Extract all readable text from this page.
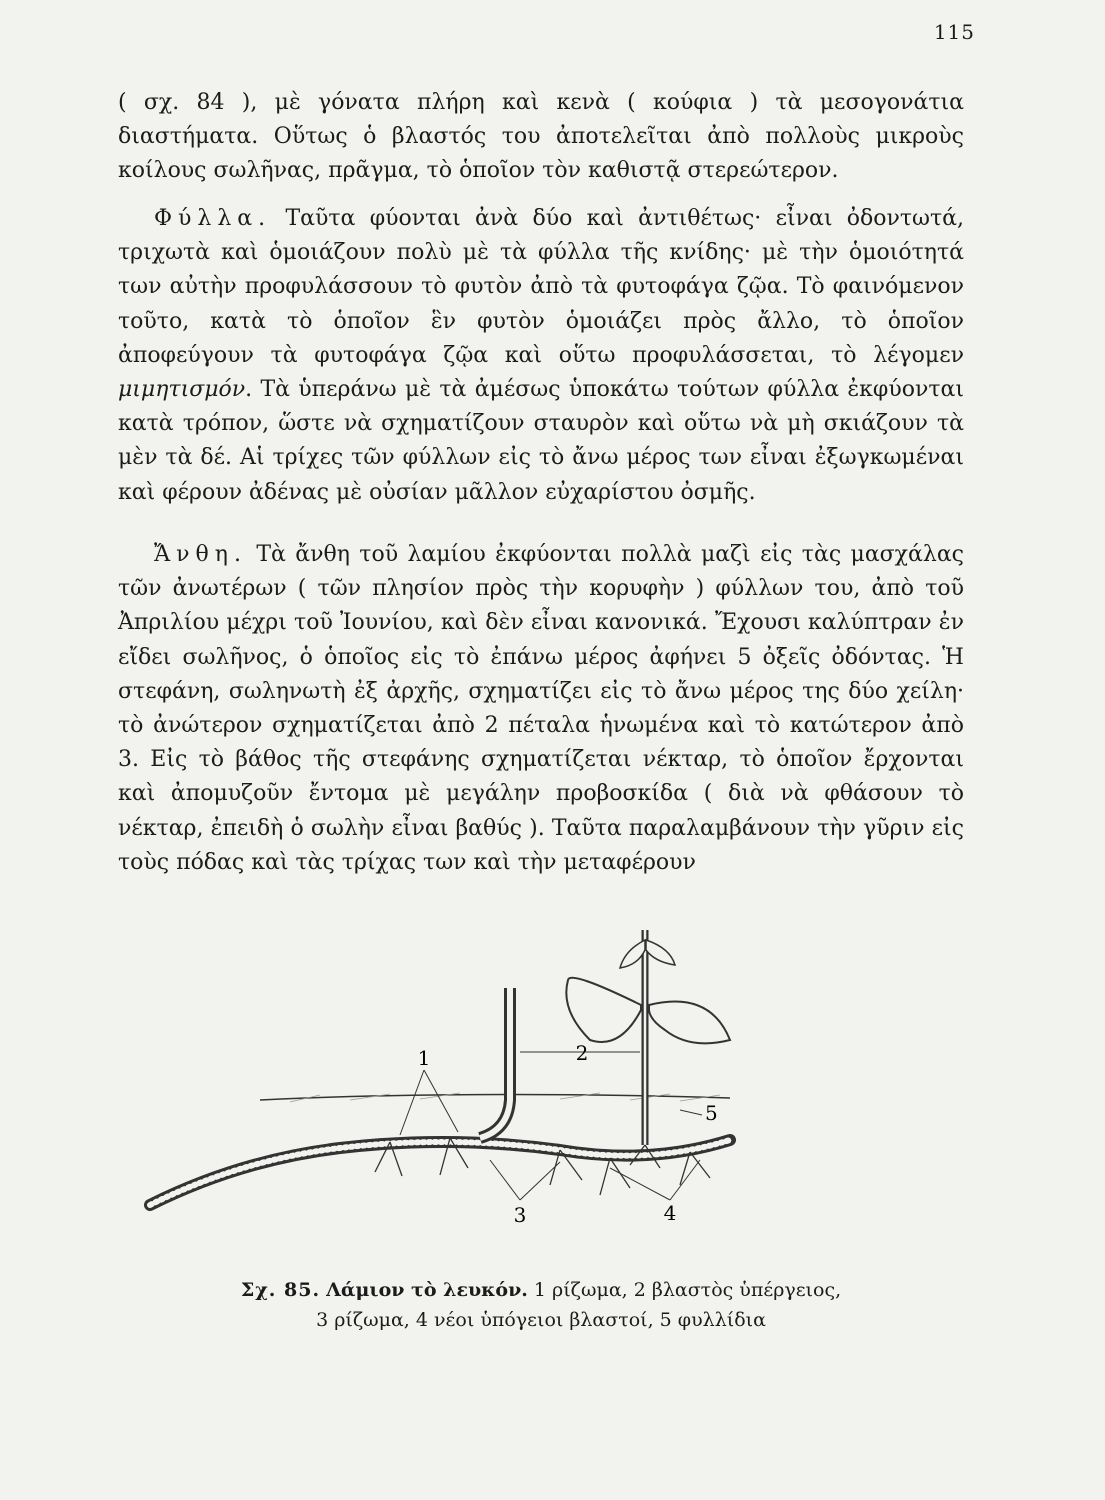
115

( σχ. 84 ), μὲ γόνατα πλήρη καὶ κενὰ ( κούφια ) τὰ μεσογονάτια διαστήματα. Οὕτως ὁ βλαστός του ἀποτελεῖται ἀπὸ πολλοὺς μικροὺς κοίλους σωλῆνας, πρᾶγμα, τὸ ὁποῖον τὸν καθιστᾷ στερεώτερον.

Φύλλα. Ταῦτα φύονται ἀνὰ δύο καὶ ἀντιθέτως· εἶναι ὀδοντωτά, τριχωτὰ καὶ ὁμοιάζουν πολὺ μὲ τὰ φύλλα τῆς κνίδης· μὲ τὴν ὁμοιότητά των αὐτὴν προφυλάσσουν τὸ φυτὸν ἀπὸ τὰ φυτοφάγα ζῷα. Τὸ φαινόμενον τοῦτο, κατὰ τὸ ὁποῖον ἓν φυτὸν ὁμοιάζει πρὸς ἄλλο, τὸ ὁποῖον ἀποφεύγουν τὰ φυτοφάγα ζῷα καὶ οὕτω προφυλάσσεται, τὸ λέγομεν μιμητισμόν. Τὰ ὑπεράνω μὲ τὰ ἀμέσως ὑποκάτω τούτων φύλλα ἐκφύονται κατὰ τρόπον, ὥστε νὰ σχηματίζουν σταυρὸν καὶ οὕτω νὰ μὴ σκιάζουν τὰ μὲν τὰ δέ. Αἱ τρίχες τῶν φύλλων εἰς τὸ ἄνω μέρος των εἶναι ἐξωγκωμέναι καὶ φέρουν ἀδένας μὲ οὐσίαν μᾶλλον εὐχαρίστου ὀσμῆς.

Ἄνθη. Τὰ ἄνθη τοῦ λαμίου ἐκφύονται πολλὰ μαζὶ εἰς τὰς μασχάλας τῶν ἀνωτέρων ( τῶν πλησίον πρὸς τὴν κορυφὴν ) φύλλων του, ἀπὸ τοῦ Ἀπριλίου μέχρι τοῦ Ἰουνίου, καὶ δὲν εἶναι κανονικά. Ἔχουσι καλύπτραν ἐν εἴδει σωλῆνος, ὁ ὁποῖος εἰς τὸ ἐπάνω μέρος ἀφήνει 5 ὀξεῖς ὀδόντας. Ἡ στεφάνη, σωληνωτὴ ἐξ ἀρχῆς, σχηματίζει εἰς τὸ ἄνω μέρος της δύο χείλη· τὸ ἀνώτερον σχηματίζεται ἀπὸ 2 πέταλα ἡνωμένα καὶ τὸ κατώτερον ἀπὸ 3. Εἰς τὸ βάθος τῆς στεφάνης σχηματίζεται νέκταρ, τὸ ὁποῖον ἔρχονται καὶ ἀπομυζοῦν ἔντομα μὲ μεγάλην προβοσκίδα ( διὰ νὰ φθάσουν τὸ νέκταρ, ἐπειδὴ ὁ σωλὴν εἶναι βαθύς ). Ταῦτα παραλαμβάνουν τὴν γῦριν εἰς τοὺς πόδας καὶ τὰς τρίχας των καὶ τὴν μεταφέρουν

1	2
3	4
5
Σχ. 85. Λάμιον τὸ λευκόν. 1 ρίζωμα, 2 βλαστὸς ὑπέργειος,
3 ρίζωμα, 4 νέοι ὑπόγειοι βλαστοί, 5 φυλλίδια
